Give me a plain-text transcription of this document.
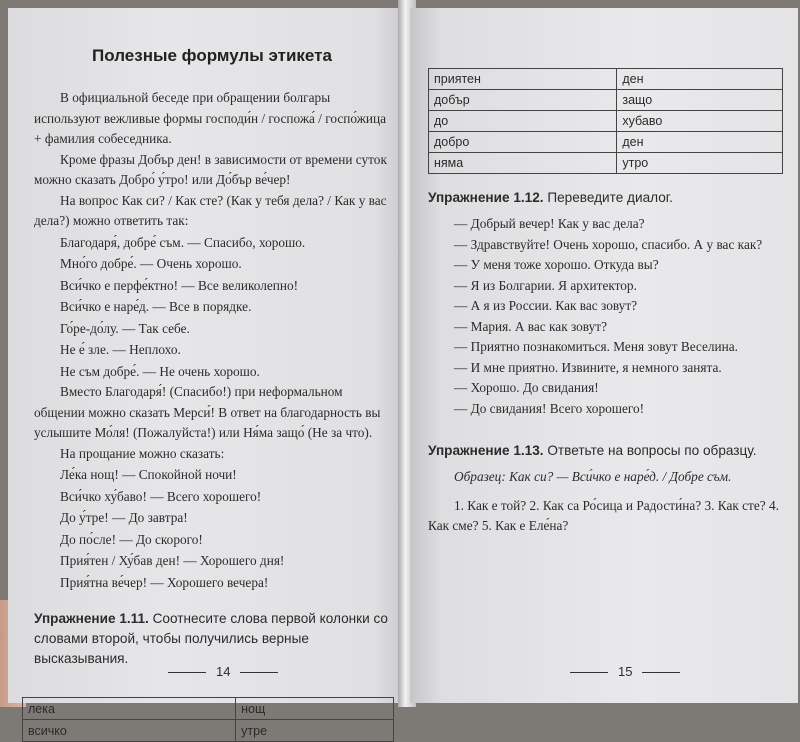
Полезные формулы этикета

В официальной беседе при обращении болгары используют вежливые формы господи́н / госпожа́ / госпо́жица + фамилия собеседника.

Кроме фразы Добър ден! в зависимости от времени суток можно сказать Добро́ у́тро! или До́бър ве́чер!

На вопрос Как си? / Как сте? (Как у тебя дела? / Как у вас дела?) можно ответить так:

Благодаря́, добре́ съм. — Спасибо, хорошо.

Мно́го добре́. — Очень хорошо.

Вси́чко е перфе́ктно! — Все великолепно!

Вси́чко е наре́д. — Все в порядке.

Го́ре-до́лу. — Так себе.

Не е́ зле. — Неплохо.

Не съм добре́. — Не очень хорошо.

Вместо Благодаря́! (Спасибо!) при неформальном общении можно сказать Мерси́! В ответ на благодарность вы услышите Мо́ля! (Пожалуйста!) или Ня́ма защо́ (Не за что).

На прощание можно сказать:

Ле́ка нощ! — Спокойной ночи!

Вси́чко ху́баво! — Всего хорошего!

До у́тре! — До завтра!

До по́сле! — До скорого!

Прия́тен / Ху́бав ден! — Хорошего дня!

Прия́тна ве́чер! — Хорошего вечера!

Упражнение 1.11. Соотнесите слова первой колонки со словами второй, чтобы получились верные высказывания.

лека	нощ
всичко	утре
14
приятен	ден
добър	защо
до	хубаво
добро	ден
няма	утро

Упражнение 1.12. Переведите диалог.

— Добрый вечер! Как у вас дела?

— Здравствуйте! Очень хорошо, спасибо. А у вас как?

— У меня тоже хорошо. Откуда вы?

— Я из Болгарии. Я архитектор.

— А я из России. Как вас зовут?

— Мария. А вас как зовут?

— Приятно познакомиться. Меня зовут Веселина.

— И мне приятно. Извините, я немного занята.

— Хорошо. До свидания!

— До свидания! Всего хорошего!

Упражнение 1.13. Ответьте на вопросы по образцу.

Образец: Как си? — Вси́чко е наре́д. / Добре съм.

1. Как е той? 2. Как са Ро́сица и Радости́на? 3. Как сте? 4. Как сме? 5. Как е Еле́на?

15
